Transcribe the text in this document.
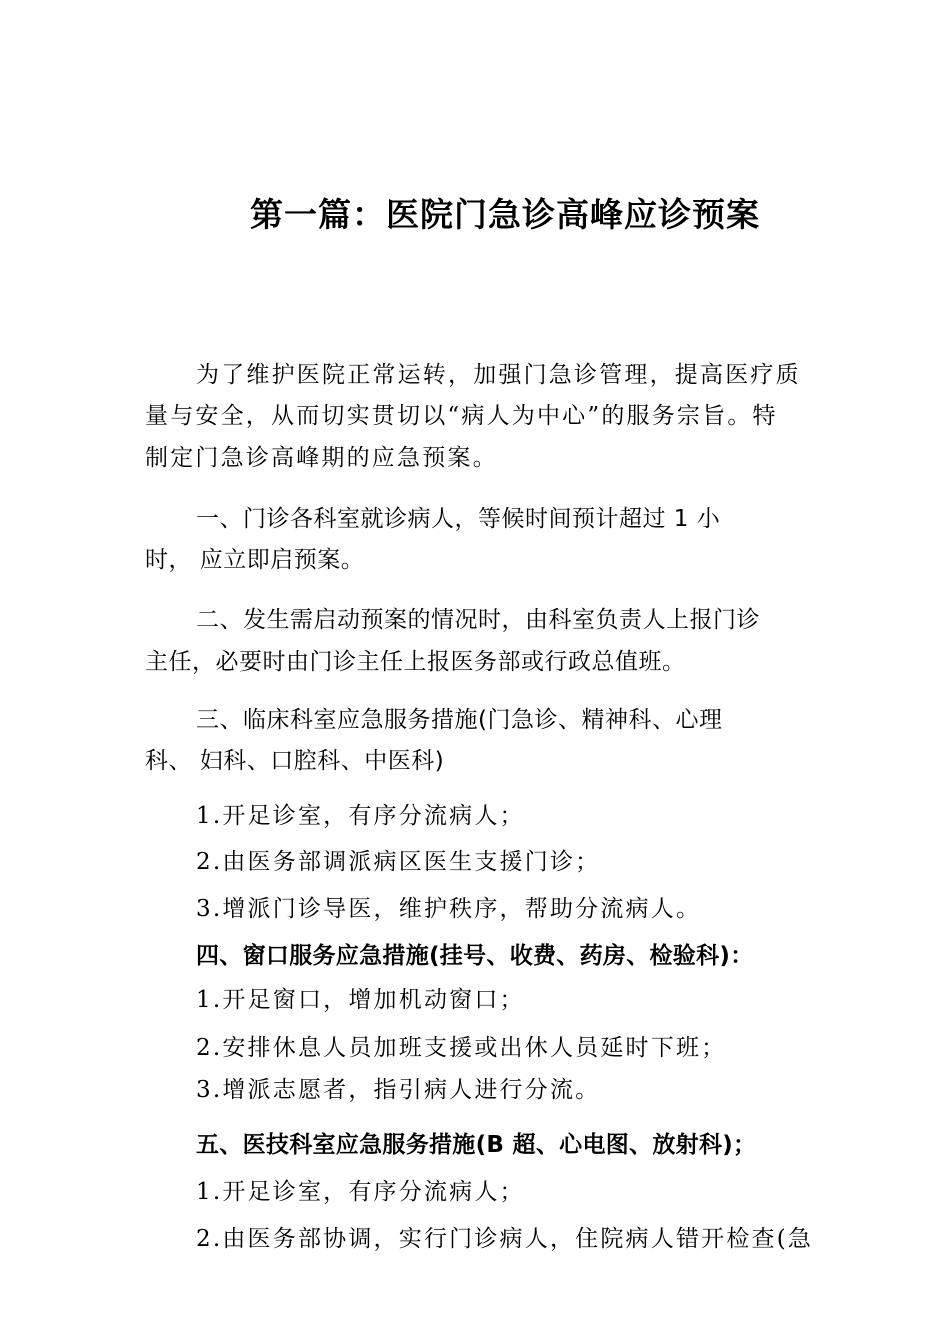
第一篇：医院门急诊高峰应诊预案
为了维护医院正常运转，加强门急诊管理，提高医疗质
量与安全，从而切实贯切以“病人为中心”的服务宗旨。特
制定门急诊高峰期的应急预案。
一、门诊各科室就诊病人，等候时间预计超过 1 小
时， 应立即启预案。
二、发生需启动预案的情况时，由科室负责人上报门诊
主任，必要时由门诊主任上报医务部或行政总值班。
三、临床科室应急服务措施(门急诊、精神科、心理
科、 妇科、口腔科、中医科)
1.开足诊室，有序分流病人；
2.由医务部调派病区医生支援门诊；
3.增派门诊导医，维护秩序，帮助分流病人。
四、窗口服务应急措施(挂号、收费、药房、检验科)：
1.开足窗口，增加机动窗口；
2.安排休息人员加班支援或出休人员延时下班；
3.增派志愿者，指引病人进行分流。
五、医技科室应急服务措施(B 超、心电图、放射科)；
1.开足诊室，有序分流病人；
2.由医务部协调，实行门诊病人，住院病人错开检查(急
